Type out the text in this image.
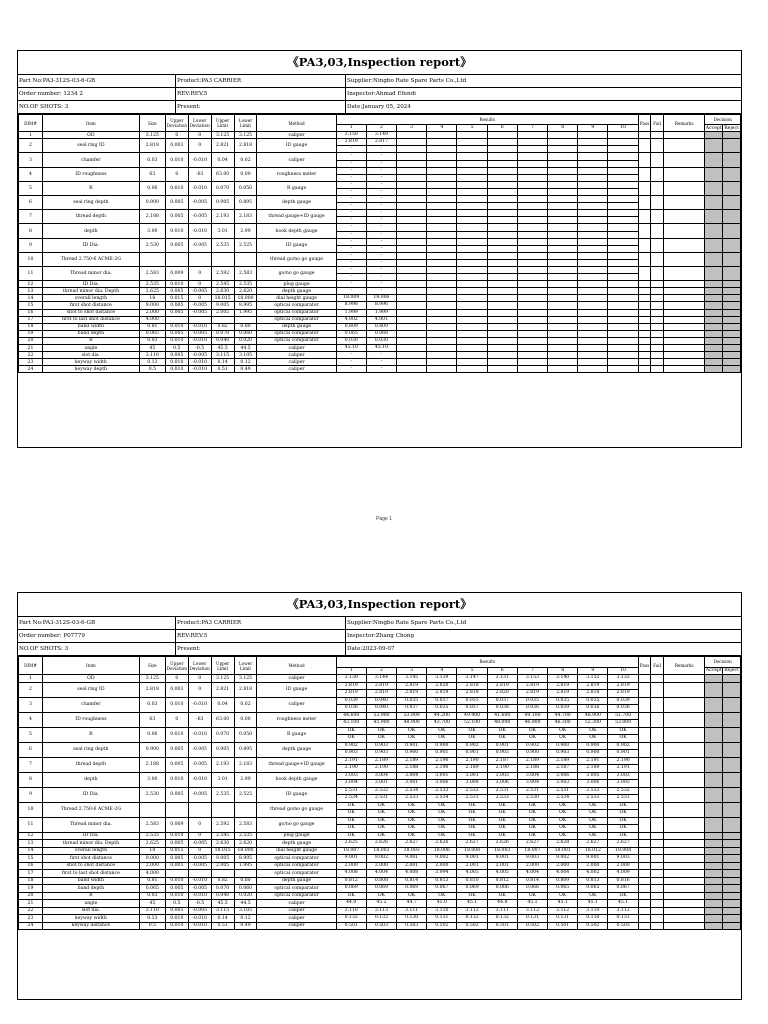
《PA3,03,Inspection report》
Part No:PA3-312S-03-6-GB	Product:PA3 CARRIER	Supplier:Ningbo Rate Spare Parts Co.,Ltd
Order number: 1234 2	REV:REV.5	Inspector:Ahmad Efendi
NO.OF SHOTS: 3	Present:	Date:January 05, 2024
DIM#	Item	Size	Upper Deviation	Lower Deviation	Upper Limit	Lower Limit	Method	Results										Pass	Fail	Remarks	Decision	
								1	2	3	4	5	6	7	8	9	10				Accept	Reject
1	OD	3.125	0	0	3.125	3.125	caliper	3.150	3.149													
2	seal ring ID	2.818	0.003	0	2.821	2.818	ID gauge	2.819	2.817													
								-	-													
3	chamfer	0.03	0.010	-0.010	0.04	0.02	caliper	-	-													
								-	-													
4	ID roughness	63	0	-63	63.00	0.00	roughness meter	-	-													
								-	-													
5	R	0.06	0.010	-0.010	0.070	0.050	R gauge	-	-													
								-	-													
6	seal ring depth	0.900	0.005	-0.005	0.905	0.895	depth gauge	-	-													
								-	-													
7	thread depth	2.188	0.005	-0.005	2.193	2.183	thread gauge+ID gauge	-	-													
								-	-													
8	depth	3.00	0.010	-0.010	3.01	2.99	hook depth gauge	-	-													
								-	-													
9	ID Dia.	2.530	0.005	-0.005	2.535	2.525	ID gauge	-	-													
								-	-													
10	Thread 2.750-6 ACME-2G						thread go/no go gauge	-	-													
								-	-													
11	Thread minor dia.	2.583	0.009	0	2.592	2.583	go/no go gauge	-	-													
								-	-													
12	ID Dia.	2.535	0.010	0	2.545	2.535	plug gauge	-	-													
13	thread minor dia. Depth	2.625	0.005	-0.005	2.630	2.620	depth gauge	-	-													
14	overall length	18	0.015	0	18.015	18.000	dial height gauge	18.009	18.006													
15	first shot distance	9.000	0.005	-0.005	9.005	8.995	optical comparator	8.998	8.996													
16	shot to shot distance	2.000	0.005	-0.005	2.005	1.995	optical comparator	1.999	1.999													
17	first to last shot distance	4.000					optical comparator	4.002	4.001													
18	band width	0.81	0.010	-0.010	0.82	0.80	depth gauge	0.809	0.809													
19	band depth	0.065	0.005	-0.005	0.070	0.060	optical comparator	0.065	0.068													
20	R	0.03	0.010	-0.010	0.040	0.020	optical comparator	0.030	0.030													
21	angle	45	0.5	-0.5	45.5	44.5	caliper	45.10	45.10													
22	slot dia.	3.110	0.005	-0.005	3.115	3.105	caliper	-	-													
23	keyway width	0.13	0.010	-0.010	0.14	0.12	caliper	-	-													
24	keyway depth	0.5	0.010	-0.010	0.51	0.49	caliper	-	-													
Page 1
《PA3,03,Inspection report》
Part No:PA3-312S-03-6-GB	Product:PA3 CARRIER	Supplier:Ningbo Rate Spare Parts Co.,Ltd
Order number: P07779	REV:REV.5	Inspector:Zhang Chong
NO.OF SHOTS: 3	Present:	Date:2023-09-07
DIM#	Item	Size	Upper Deviation	Lower Deviation	Upper Limit	Lower Limit	Method	Results										Pass	Fail	Remarks	Decision	
								1	2	3	4	5	6	7	8	9	10				Accept	Reject
1	OD	3.125	0	0	3.125	3.125	caliper	3.130	3.144	3.145	3.139	3.147	3.131	3.153	3.140	3.152	3.132					
2	seal ring ID	2.818	0.003	0	2.821	2.818	ID gauge	2.819	2.819	2.819	2.820	2.818	2.819	2.819	2.819	2.819	2.819					
								2.819	2.819	2.819	2.819	2.818	2.820	2.819	2.819	2.818	2.819					
3	chamfer	0.03	0.010	-0.010	0.04	0.02	caliper	0.039	0.040	0.035	0.037	0.035	0.037	0.035	0.035	0.035	0.039					
								0.036	0.040	0.037	0.035	0.037	0.038	0.036	0.039	0.036	0.036					
4	ID roughness	63	0	-63	63.00	0.00	roughness meter	44.600	53.900	53.900	44.200	49.400	41.600	49.100	44.700	48.900	51.700					
								43.100	45.900	48.900	43.700	52.100	48.000	46.900	46.300	52.300	53.000					
5	R	0.06	0.010	-0.010	0.070	0.050	R gauge	OK	OK	OK	OK	OK	OK	OK	OK	OK	OK					
								OK	OK	OK	OK	OK	OK	OK	OK	OK	OK					
6	seal ring depth	0.900	0.005	-0.005	0.905	0.895	depth gauge	0.902	0.903	0.901	0.900	0.902	0.901	0.902	0.900	0.900	0.902					
								0.903	0.903	0.900	0.901	0.901	0.903	0.900	0.903	0.900	0.901					
7	thread depth	2.188	0.005	-0.005	2.193	2.183	thread gauge+ID gauge	2.191	2.189	2.189	2.190	2.190	2.187	2.189	2.189	2.191	2.190					
								2.190	2.190	2.188	2.190	2.189	2.190	2.188	2.187	2.189	2.191					
8	depth	3.00	0.010	-0.010	3.01	2.99	hook depth gauge	3.003	3.004	3.004	3.001	3.001	3.003	3.004	3.006	3.005	3.003					
								3.004	3.001	3.001	3.006	3.008	3.006	3.004	3.003	3.006	3.005					
9	ID Dia.	2.530	0.005	-0.005	2.535	2.525	ID gauge	2.531	2.532	2.534	2.533	2.532	2.531	2.531	2.531	2.533	2.532					
								2.534	2.531	2.533	2.534	2.531	2.533	2.530	2.534	2.533	2.531					
10	Thread 2.750-6 ACME-2G						thread go/no go gauge	OK	OK	OK	OK	OK	OK	OK	OK	OK	OK					
								OK	OK	OK	OK	OK	OK	OK	OK	OK	OK					
11	Thread minor dia.	2.583	0.009	0	2.592	2.583	go/no go gauge	OK	OK	OK	OK	OK	OK	OK	OK	OK	OK					
								OK	OK	OK	OK	OK	OK	OK	OK	OK	OK					
12	ID Dia.	2.535	0.010	0	2.545	2.535	plug gauge	OK	OK	OK	OK	OK	OK	OK	OK	OK	OK					
13	thread minor dia. Depth	2.625	0.005	-0.005	2.630	2.620	depth gauge	2.625	2.626	2.627	2.626	2.627	2.626	2.627	2.628	2.627	2.627					
14	overall length	18	0.015	0	18.015	18.000	dial height gauge	18.007	18.003	18.003	18.006	18.008	18.003	18.007	18.001	18.012	18.008					
15	first shot distance	9.000	0.005	-0.005	9.005	8.995	optical comparator	9.001	9.002	9.001	9.002	9.001	9.001	9.003	9.002	9.001	9.003					
16	shot to shot distance	2.000	0.005	-0.005	2.005	1.995	optical comparator	2.000	2.000	2.001	2.000	2.001	2.001	2.000	2.000	2.000	2.000					
17	first to last shot distance	4.000					optical comparator	4.008	4.004	4.008	3.994	4.005	4.005	4.004	4.004	4.002	4.009					
18	band width	0.81	0.010	-0.010	0.82	0.80	depth gauge	0.812	0.808	0.814	0.813	0.810	0.812	0.814	0.809	0.813	0.816					
19	band depth	0.065	0.005	-0.005	0.070	0.060	optical comparator	0.069	0.069	0.069	0.067	0.069	0.066	0.066	0.065	0.065	0.067					
20	R	0.03	0.010	-0.010	0.040	0.020	optical comparator	OK	OK	OK	OK	OK	OK	OK	OK	OK	OK					
21	angle	45	0.5	-0.5	45.5	44.5	caliper	44.9	45.2	44.7	45.0	45.1	44.8	45.1	45.1	45.1	45.1					
22	slot dia.	3.110	0.005	-0.005	3.115	3.105	caliper	3.110	3.113	3.111	3.110	3.112	3.111	3.112	3.112	3.110	3.112					
23	keyway width	0.13	0.010	-0.010	0.14	0.12	caliper	0.132	0.132	0.130	0.131	0.132	0.132	0.131	0.131	0.130	0.131					
24	keyway distance	0.5	0.010	-0.010	0.51	0.49	caliper	0.501	0.503	0.503	0.502	0.502	0.501	0.502	0.501	0.502	0.505					
